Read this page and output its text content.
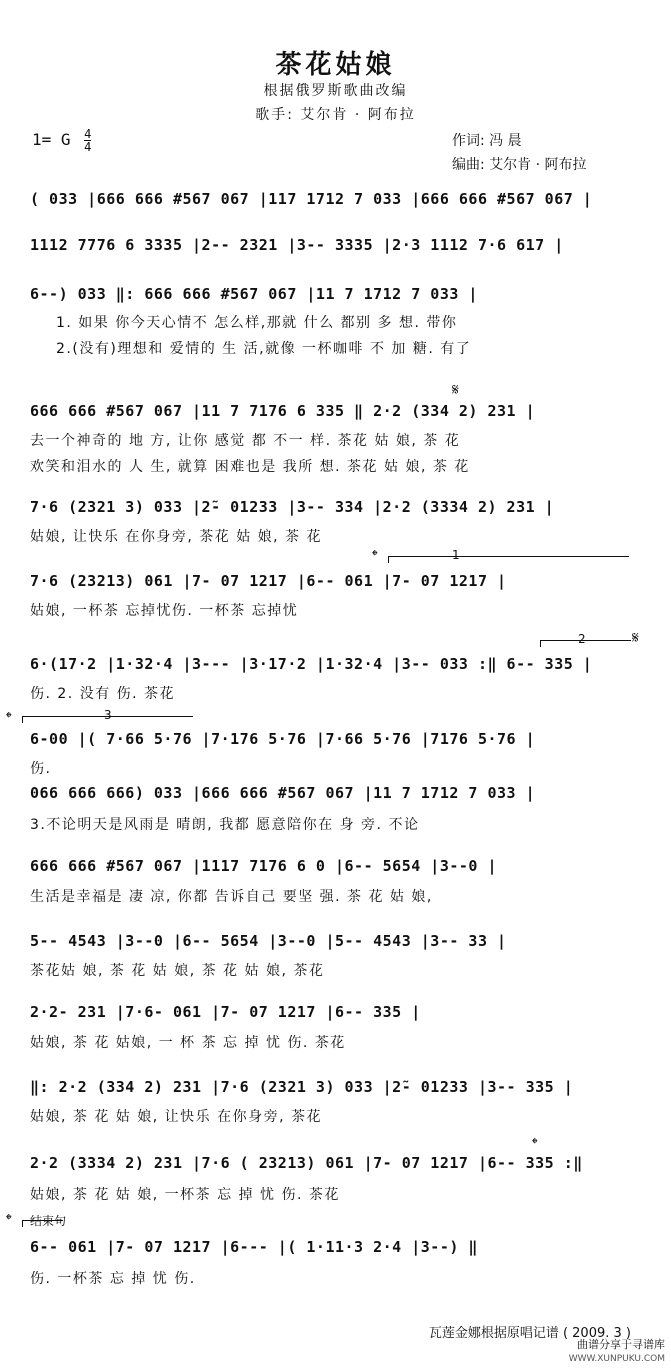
茶花姑娘
根据俄罗斯歌曲改编
歌手: 艾尔肯 · 阿布拉
1= G $\frac{4}{4}$	作词: 冯 晨
编曲: 艾尔肯 · 阿布拉
( 033 |666 666 #567 067 |117 1712 7 033 |666 666 #567 067 |
1112 7776 6 3335 |2-- 2321 |3-- 3335 |2·3 1112 7·6 617 |
6--) 033 ‖: 666 666 #567 067 |11 7 1712 7 033 |
1. 如果 你今天心情不 怎么样,那就 什么 都别 多 想. 带你
2.(没有)理想和 爱情的 生 活,就像 一杯咖啡 不 加 糖. 有了
𝄋
666 666 #567 067 |11 7 7176 6 335 ‖ 2·2 (334 2) 231 |
去一个神奇的 地 方, 让你 感觉 都 不一 样. 茶花 姑 娘, 茶 花
欢笑和泪水的 人 生, 就算 困难也是 我所 想. 茶花 姑 娘, 茶 花
7·6 (2321 3) 033 |2̃- 01233 |3-- 334 |2·2 (3334 2) 231 |
姑娘, 让快乐 在你身旁, 茶花 姑 娘, 茶 花
𝄌	1
7·6 (23213) 061 |7- 07 1217 |6-- 061 |7- 07 1217 |
姑娘, 一杯茶 忘掉忧伤. 一杯茶 忘掉忧
2	𝄋
6·(17·2 |1·32·4 |3--- |3·17·2 |1·32·4 |3-- 033 :‖ 6-- 335 |
伤. 2. 没有 伤. 茶花
𝄌	3
6-00 |( 7·66 5·76 |7·176 5·76 |7·66 5·76 |7176 5·76 |
伤.
066 666 666) 033 |666 666 #567 067 |11 7 1712 7 033 |
3.不论明天是风雨是 晴朗, 我都 愿意陪你在 身 旁. 不论
666 666 #567 067 |1117 7176 6 0 |6-- 5654 |3--0 |
生活是幸福是 凄 凉, 你都 告诉自己 要坚 强. 茶 花 姑 娘,
5-- 4543 |3--0 |6-- 5654 |3--0 |5-- 4543 |3-- 33 |
茶花姑 娘, 茶 花 姑 娘, 茶 花 姑 娘, 茶花
2·2- 231 |7·6- 061 |7- 07 1217 |6-- 335 |
姑娘, 茶 花 姑娘, 一 杯 茶 忘 掉 忧 伤. 茶花
‖: 2·2 (334 2) 231 |7·6 (2321 3) 033 |2̃- 01233 |3-- 335 |
姑娘, 茶 花 姑 娘, 让快乐 在你身旁, 茶花
𝄌
2·2 (3334 2) 231 |7·6 ( 23213) 061 |7- 07 1217 |6-- 335 :‖
姑娘, 茶 花 姑 娘, 一杯茶 忘 掉 忧 伤. 茶花
𝄌 结束句
6-- 061 |7- 07 1217 |6--- |( 1·11·3 2·4 |3--) ‖
伤. 一杯茶 忘 掉 忧 伤.
瓦莲金娜根据原唱记谱 ( 2009. 3 )
曲谱分享于寻谱库
WWW.XUNPUKU.COM
